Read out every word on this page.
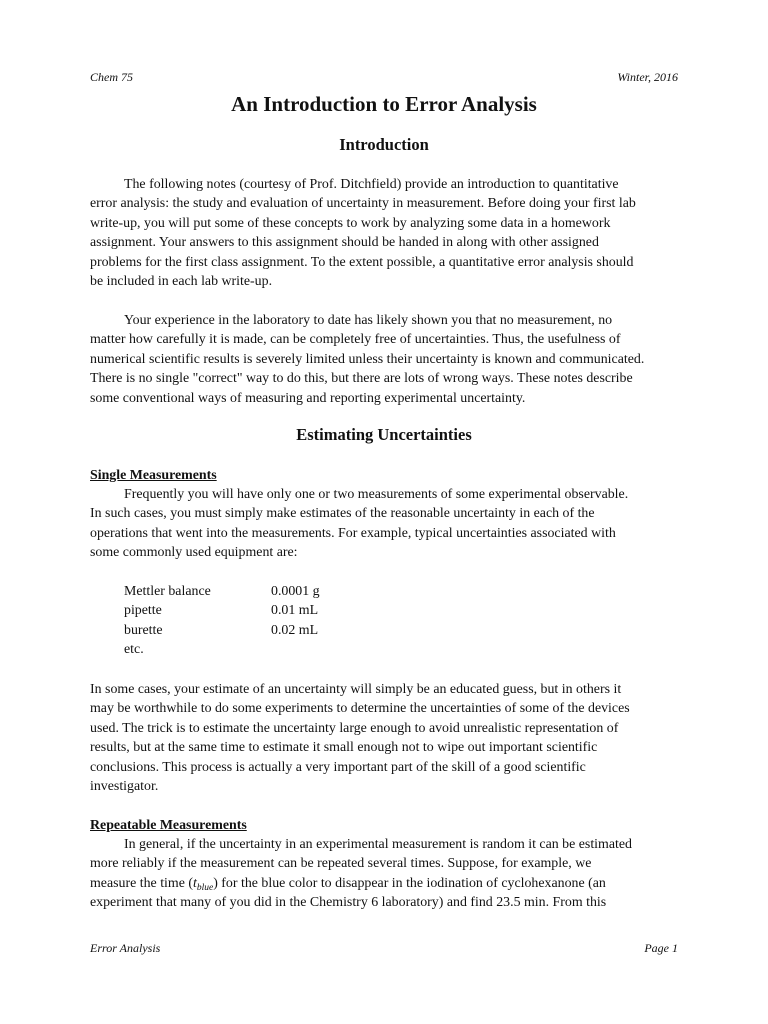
Chem 75	Winter, 2016
An Introduction to Error Analysis
Introduction
The following notes (courtesy of Prof. Ditchfield) provide an introduction to quantitative
error analysis: the study and evaluation of uncertainty in measurement. Before doing your first lab
write-up, you will put some of these concepts to work by analyzing some data in a homework
assignment. Your answers to this assignment should be handed in along with other assigned
problems for the first class assignment. To the extent possible, a quantitative error analysis should
be included in each lab write-up.
Your experience in the laboratory to date has likely shown you that no measurement, no
matter how carefully it is made, can be completely free of uncertainties. Thus, the usefulness of
numerical scientific results is severely limited unless their uncertainty is known and communicated.
There is no single "correct" way to do this, but there are lots of wrong ways. These notes describe
some conventional ways of measuring and reporting experimental uncertainty.
Estimating Uncertainties
Single Measurements
Frequently you will have only one or two measurements of some experimental observable.
In such cases, you must simply make estimates of the reasonable uncertainty in each of the
operations that went into the measurements. For example, typical uncertainties associated with
some commonly used equipment are:
Mettler balance	0.0001 g
pipette	0.01 mL
burette	0.02 mL
etc.
In some cases, your estimate of an uncertainty will simply be an educated guess, but in others it
may be worthwhile to do some experiments to determine the uncertainties of some of the devices
used. The trick is to estimate the uncertainty large enough to avoid unrealistic representation of
results, but at the same time to estimate it small enough not to wipe out important scientific
conclusions. This process is actually a very important part of the skill of a good scientific
investigator.
Repeatable Measurements
In general, if the uncertainty in an experimental measurement is random it can be estimated
more reliably if the measurement can be repeated several times. Suppose, for example, we
measure the time $(t_{blue})$ for the blue color to disappear in the iodination of cyclohexanone (an
experiment that many of you did in the Chemistry 6 laboratory) and find 23.5 min. From this
Error Analysis	Page 1
